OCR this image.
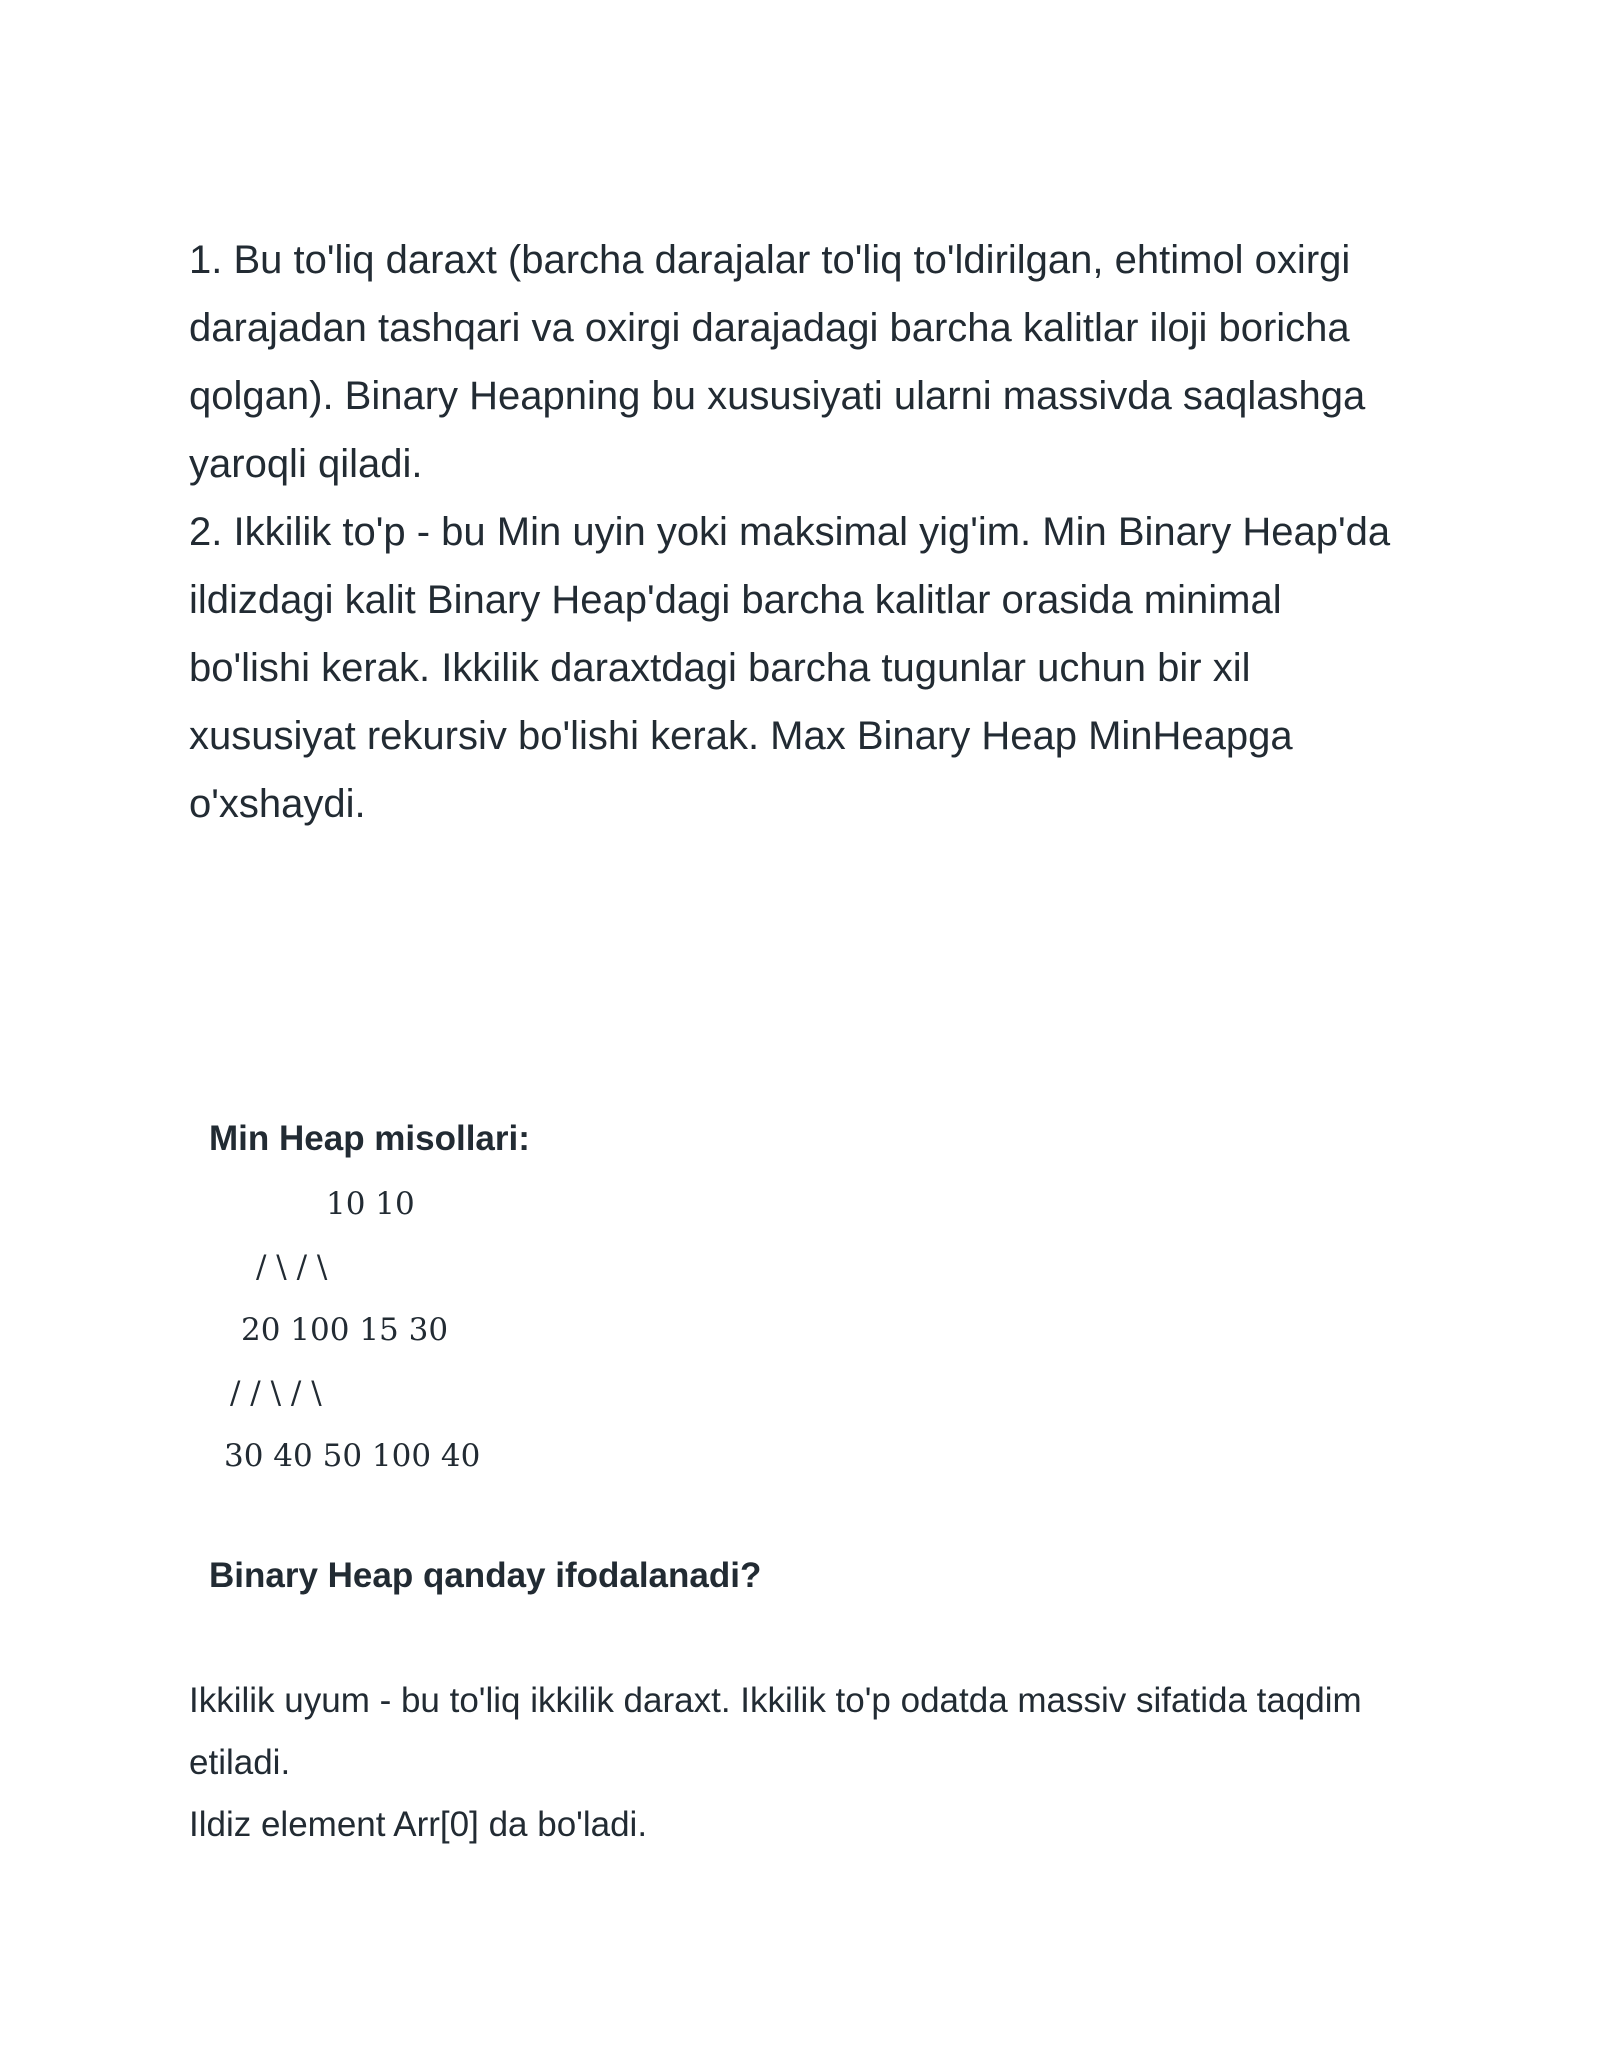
1. Bu to'liq daraxt (barcha darajalar to'liq to'ldirilgan, ehtimol oxirgi darajadan tashqari va oxirgi darajadagi barcha kalitlar iloji boricha qolgan). Binary Heapning bu xususiyati ularni massivda saqlashga yaroqli qiladi.

2. Ikkilik to'p - bu Min uyin yoki maksimal yig'im. Min Binary Heap'da ildizdagi kalit Binary Heap'dagi barcha kalitlar orasida minimal bo'lishi kerak. Ikkilik daraxtdagi barcha tugunlar uchun bir xil xususiyat rekursiv bo'lishi kerak. Max Binary Heap MinHeapga o'xshaydi.

Min Heap misollari:
10 10
/ \ / \
20 100 15 30
/ / \ / \
30 40 50 100 40
Binary Heap qanday ifodalanadi?

Ikkilik uyum - bu to'liq ikkilik daraxt. Ikkilik to'p odatda massiv sifatida taqdim etiladi.

Ildiz element Arr[0] da bo'ladi.
